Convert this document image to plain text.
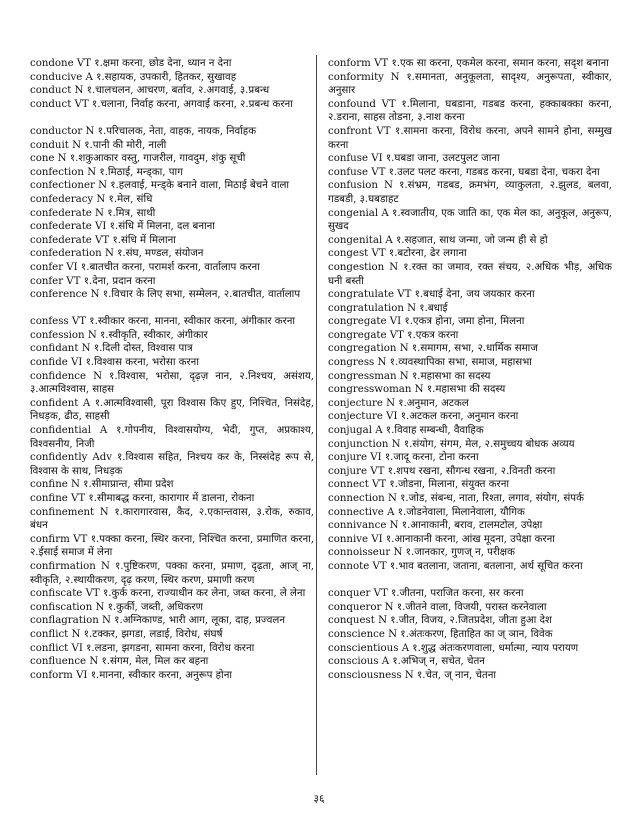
condone VT १.क्षमा करना, छोड देना, ध्यान न देना

conducive A १.सहायक, उपकारी, हितकर, सुखावह

conduct N १.चालचलन, आचरण, बर्ताव, २.अगवाई, ३.प्रबन्ध

conduct VT १.चलाना, निर्वाह करना, अगवाई करना, २.प्रबन्ध करना

conductor N १.परिचालक, नेता, वाहक, नायक, निर्वाहक

conduit N १.पानी की मोरी, नाली

cone N १.शकुआकार वस्तु, गाजरील, गावदुम, शंकु सूची

confection N १.मिठाई, मन्ड्का, पाग

confectioner N १.हलवाई, मन्ड्के बनाने वाला, मिठाई बेचने वाला

confederacy N १.मेल, संधि

confederate N १.मित्र, साथी

confederate VI १.संधि में मिलना, दल बनाना

confederate VT १.संधि में मिलाना

confederation N १.संघ, मण्डल, संयोजन

confer VI १.बातचीत करना, परामर्श करना, वार्तालाप करना

confer VT १.देना, प्रदान करना

conference N १.विचार के लिए सभा, सम्मेलन, २.बातचीत, वार्तालाप

confess VT १.स्वीकार करना, मानना, स्वीकार करना, अंगीकार करना

confession N १.स्वीकृति, स्वीकार, अंगीकार

confidant N १.दिली दोस्त, विश्वास पात्र

confide VI १.विश्वास करना, भरोसा करना

confidence N १.विश्वास, भरोसा, दृढ़ज़ नान, २.निश्चय, असंशय, ३.आत्मविश्वास, साहस

confident A १.आत्मविश्वासी, पूरा विश्वास किए हुए, निश्चित, निसंदेह, निधड़क, ढीठ, साहसी

confidential A १.गोपनीय, विश्वासयोग्य, भेदी, गुप्त, अप्रकाश्य, विश्वसनीय, निजी

confidently Adv १.विश्वास सहित, निश्चय कर के, निस्संदेह रूप से, विश्वास के साथ, निधड़क

confine N १.सीमाप्रान्त, सीमा प्रदेश

confine VT १.सीमाबद्ध करना, कारागार में डालना, रोकना

confinement N १.कारागारवास, कैद, २.एकान्तवास, ३.रोक, रुकाव, बंधन

confirm VT १.पक्का करना, स्थिर करना, निश्चित करना, प्रमाणित करना, २.ईसाई समाज में लेना

confirmation N १.पुष्टिकरण, पक्का करना, प्रमाण, दृढ़ता, आज् ना, स्वीकृति, २.स्थायीकरण, दृढ़ करण, स्थिर करण, प्रमाणी करण

confiscate VT १.कुर्क करना, राज्याधीन कर लेना, जब्त करना, ले लेना

confiscation N १.कुर्की, जब्ती, अधिकरण

conflagration N १.अग्निकाण्ड, भारी आग, लूका, दाह, प्रज्वलन

conflict N १.टक्कर, झगडा, लडाई, विरोध, संघर्ष

conflict VI १.लडना, झगडना, सामना करना, विरोध करना

confluence N १.संगम, मेल, मिल कर बहना

conform VI १.मानना, स्वीकार करना, अनुरूप होना

conform VT १.एक सा करना, एकमेल करना, समान करना, सदृश बनाना

conformity N १.समानता, अनुकूलता, सादृश्य, अनुरूपता, स्वीकार, अनुसार

confound VT १.मिलाना, घबडाना, गडबड करना, हक्काबक्का करना, २.डराना, साहस तोडना, ३.नाश करना

confront VT १.सामना करना, विरोध करना, अपने सामने होना, सम्मुख करना

confuse VI १.घबडा जाना, उलटपुलट जाना

confuse VT १.उलट पलट करना, गडबड करना, घबडा देना, चकरा देना

confusion N १.संभ्रम, गडबड, क्रमभंग, व्याकुलता, २.झुलड, बलवा, गडबडी, ३.घबडाहट

congenial A १.स्वजातीय, एक जाति का, एक मेल का, अनुकूल, अनुरूप, सुखद

congenital A १.सहजात, साथ जन्मा, जो जन्म ही से हो

congest VT १.बटोरना, ढेर लगाना

congestion N १.रक्त का जमाव, रक्त संचय, २.अधिक भीड़, अधिक घनी बस्ती

congratulate VT १.बधाई देना, जय जयकार करना

congratulation N १.बधाई

congregate VI १.एकत्र होना, जमा होना, मिलना

congregate VT १.एकत्र करना

congregation N १.समागम, सभा, २.धार्मिक समाज

congress N १.व्यवस्थापिका सभा, समाज, महासभा

congressman N १.महासभा का सदस्य

congresswoman N १.महासभा की सदस्य

conjecture N १.अनुमान, अटकल

conjecture VI १.अटकल करना, अनुमान करना

conjugal A १.विवाह सम्बन्धी, वैवाहिक

conjunction N १.संयोग, संगम, मेल, २.समुच्चय बोधक अव्यय

conjure VI १.जादू करना, टोना करना

conjure VT १.शपथ रखना, सौगन्ध रखना, २.विनती करना

connect VT १.जोडना, मिलाना, संयुक्त करना

connection N १.जोड, संबन्ध, नाता, रिश्ता, लगाव, संयोग, संपर्क

connective A १.जोडनेवाला, मिलानेवाला, यौगिक

connivance N १.आनाकानी, बराव, टालमटोल, उपेक्षा

connive VI १.आनाकानी करना, आंख मूदना, उपेक्षा करना

connoisseur N १.जानकार, गुणज् न, परीक्षक

connote VT १.भाव बतलाना, जताना, बतलाना, अर्थ सूचित करना

conquer VT १.जीतना, पराजित करना, सर करना

conqueror N १.जीतने वाला, विजयी, परास्त करनेवाला

conquest N १.जीत, विजय, २.जितप्रदेश, जीता हुआ देश

conscience N १.अंतःकरण, हिताहित का ज् ञान, विवेक

conscientious A १.शुद्ध अंतःकरणवाला, धर्मात्मा, न्याय परायण

conscious A १.अभिज् न, सचेत, चेतन

consciousness N १.चेत, ज् नान, चेतना

३६
